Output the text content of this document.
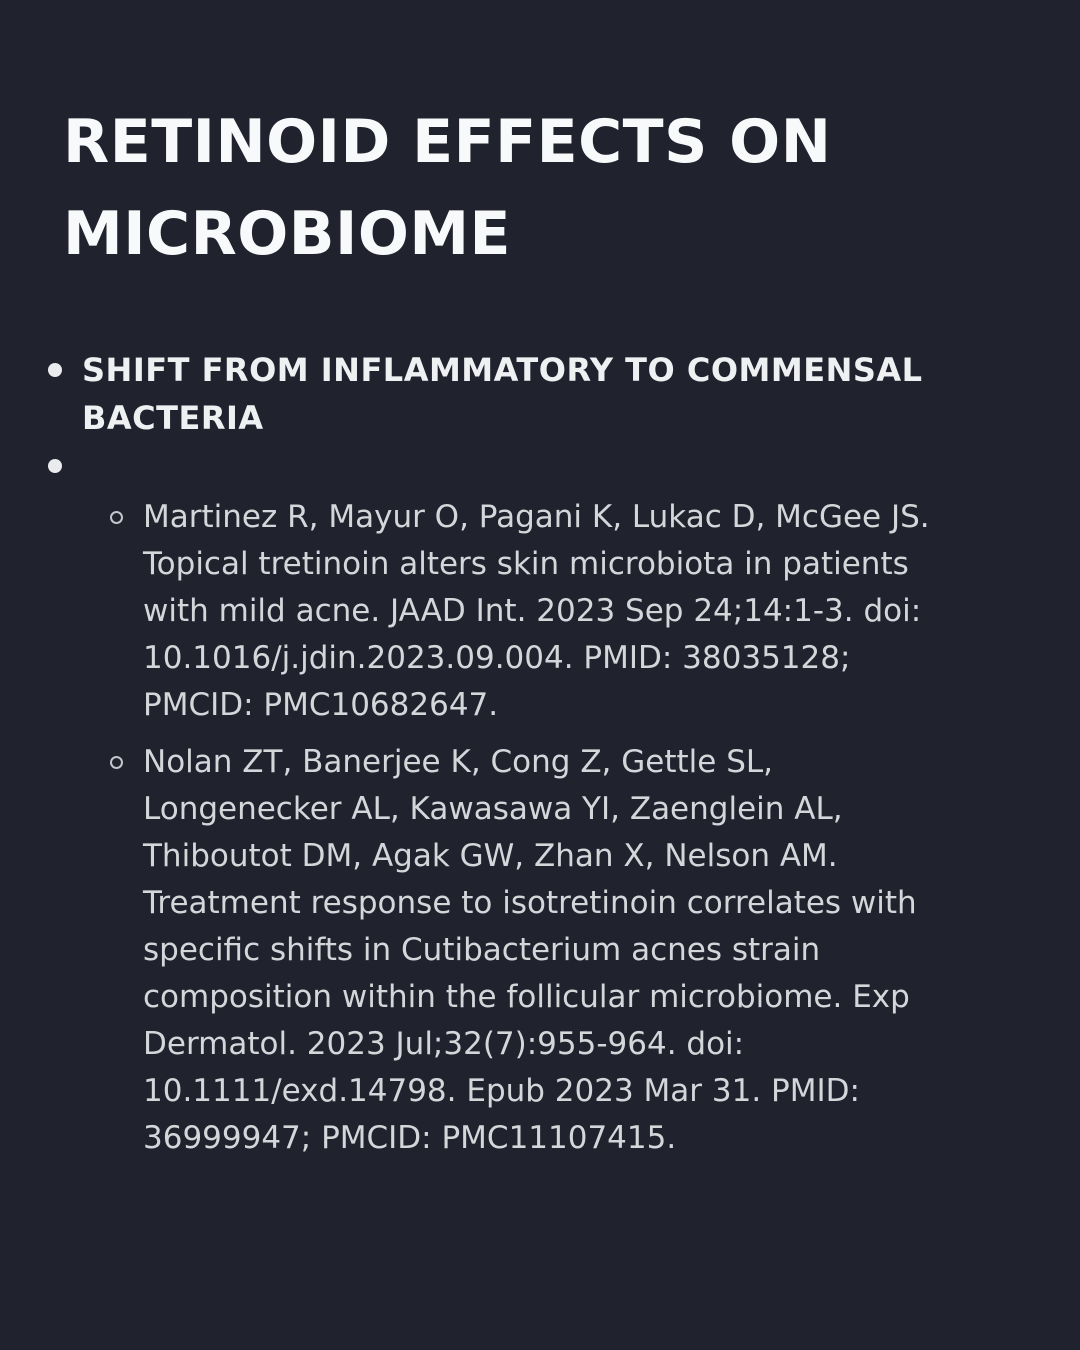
RETINOID EFFECTS ON MICROBIOME
SHIFT FROM INFLAMMATORY TO COMMENSAL BACTERIA
Martinez R, Mayur O, Pagani K, Lukac D, McGee JS. Topical tretinoin alters skin microbiota in patients with mild acne. JAAD Int. 2023 Sep 24;14:1-3. doi: 10.1016/j.jdin.2023.09.004. PMID: 38035128; PMCID: PMC10682647.
Nolan ZT, Banerjee K, Cong Z, Gettle SL, Longenecker AL, Kawasawa YI, Zaenglein AL, Thiboutot DM, Agak GW, Zhan X, Nelson AM. Treatment response to isotretinoin correlates with specific shifts in Cutibacterium acnes strain composition within the follicular microbiome. Exp Dermatol. 2023 Jul;32(7):955-964. doi: 10.1111/exd.14798. Epub 2023 Mar 31. PMID: 36999947; PMCID: PMC11107415.
